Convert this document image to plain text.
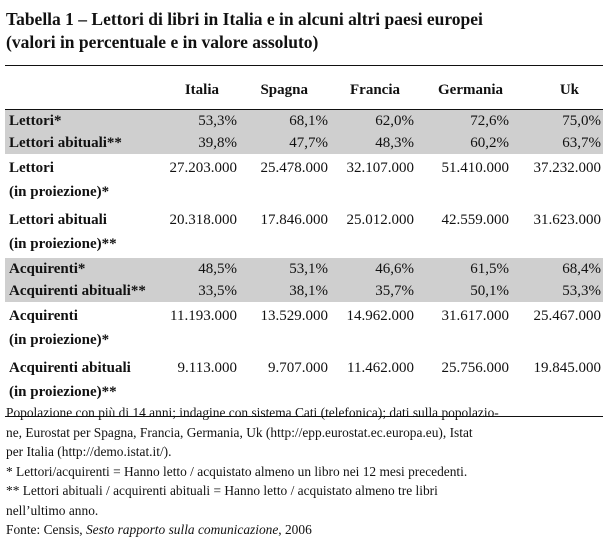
Tabella 1 – Lettori di libri in Italia e in alcuni altri paesi europei
(valori in percentuale e in valore assoluto)
	Italia	Spagna	Francia	Germania	Uk
Lettori*	53,3%	68,1%	62,0%	72,6%	75,0%
Lettori abituali**	39,8%	47,7%	48,3%	60,2%	63,7%
Lettori
(in proiezione)*	27.203.000	25.478.000	32.107.000	51.410.000	37.232.000
Lettori abituali
(in proiezione)**	20.318.000	17.846.000	25.012.000	42.559.000	31.623.000
Acquirenti*	48,5%	53,1%	46,6%	61,5%	68,4%
Acquirenti abituali**	33,5%	38,1%	35,7%	50,1%	53,3%
Acquirenti
(in proiezione)*	11.193.000	13.529.000	14.962.000	31.617.000	25.467.000
Acquirenti abituali
(in proiezione)**	9.113.000	9.707.000	11.462.000	25.756.000	19.845.000

Popolazione con più di 14 anni; indagine con sistema Cati (telefonica); dati sulla popolazio-
ne, Eurostat per Spagna, Francia, Germania, Uk (http://epp.eurostat.ec.europa.eu), Istat
per Italia (http://demo.istat.it/).

* Lettori/acquirenti = Hanno letto / acquistato almeno un libro nei 12 mesi precedenti.

** Lettori abituali / acquirenti abituali = Hanno letto / acquistato almeno tre libri
nell’ultimo anno.

Fonte: Censis, Sesto rapporto sulla comunicazione, 2006
